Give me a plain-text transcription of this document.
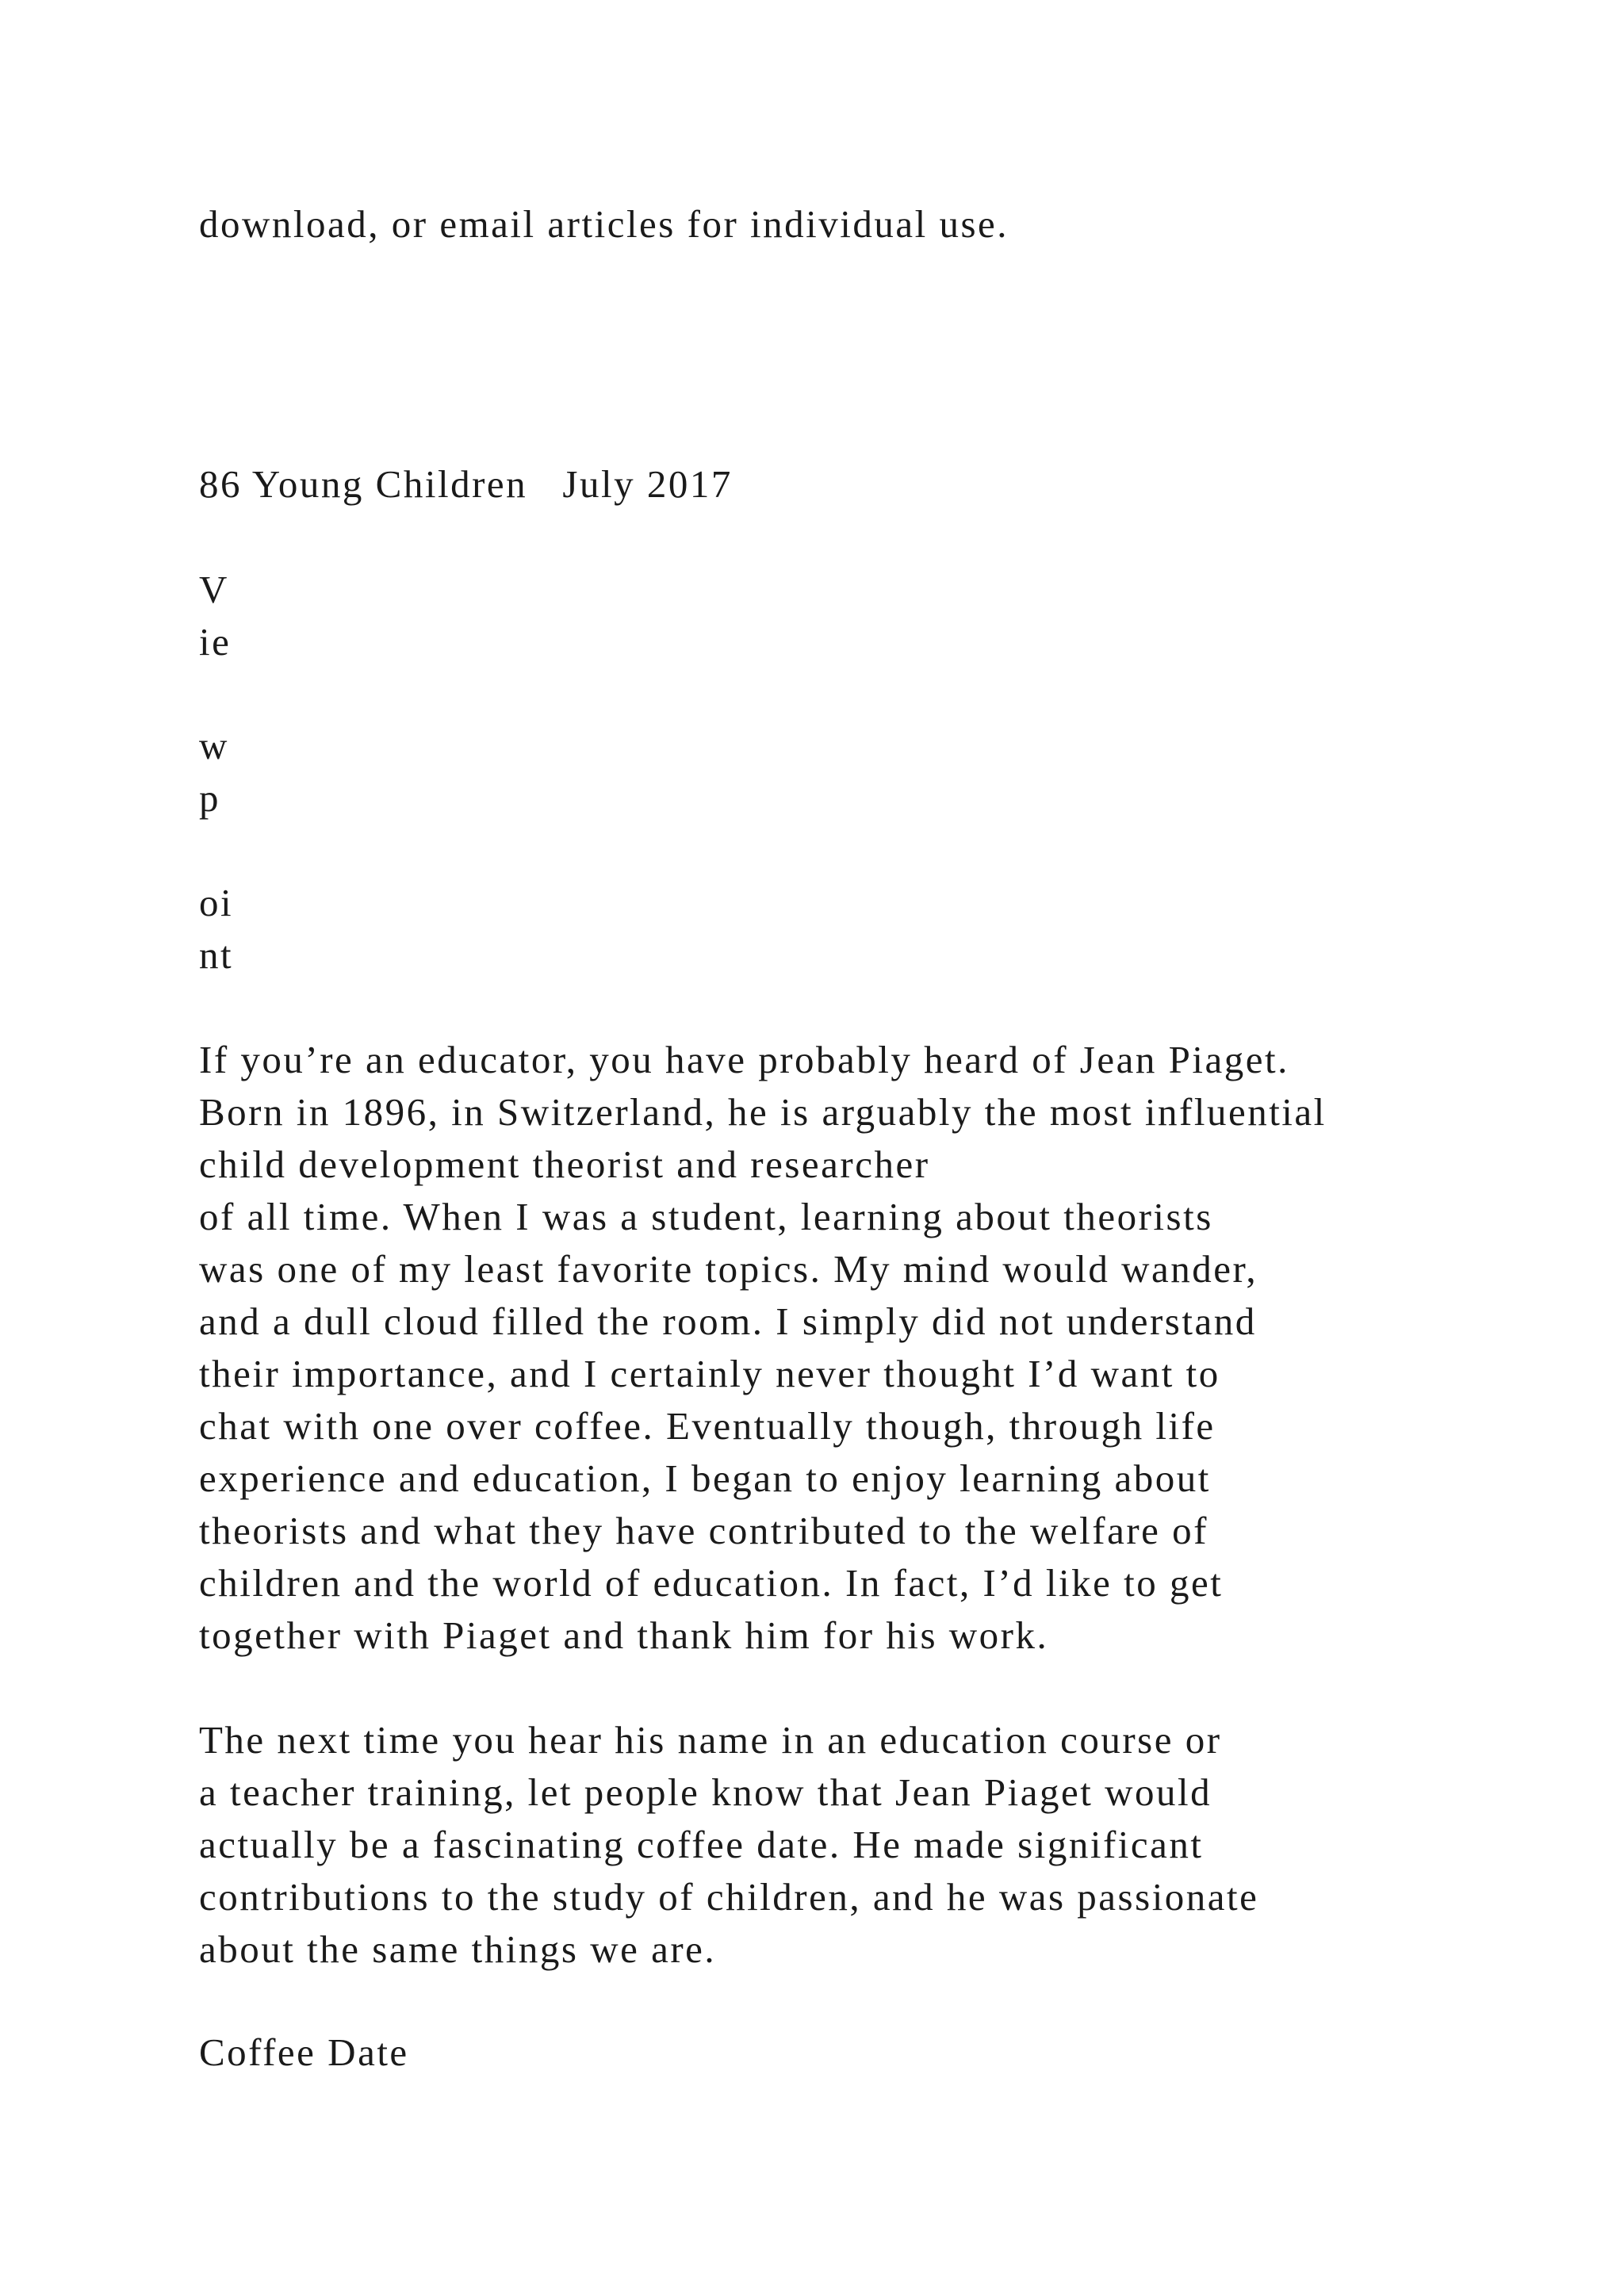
download, or email articles for individual use.

86 Young Children   July 2017

V

ie

w

p

oi

nt

If you’re an educator, you have probably heard of Jean Piaget.
Born in 1896, in Switzerland, he is arguably the most influential
child development theorist and researcher
of all time. When I was a student, learning about theorists
was one of my least favorite topics. My mind would wander,
and a dull cloud filled the room. I simply did not understand
their importance, and I certainly never thought I’d want to
chat with one over coffee. Eventually though, through life
experience and education, I began to enjoy learning about
theorists and what they have contributed to the welfare of
children and the world of education. In fact, I’d like to get
together with Piaget and thank him for his work.
The next time you hear his name in an education course or
a teacher training, let people know that Jean Piaget would
actually be a fascinating coffee date. He made significant
contributions to the study of children, and he was passionate
about the same things we are.

Coffee Date
